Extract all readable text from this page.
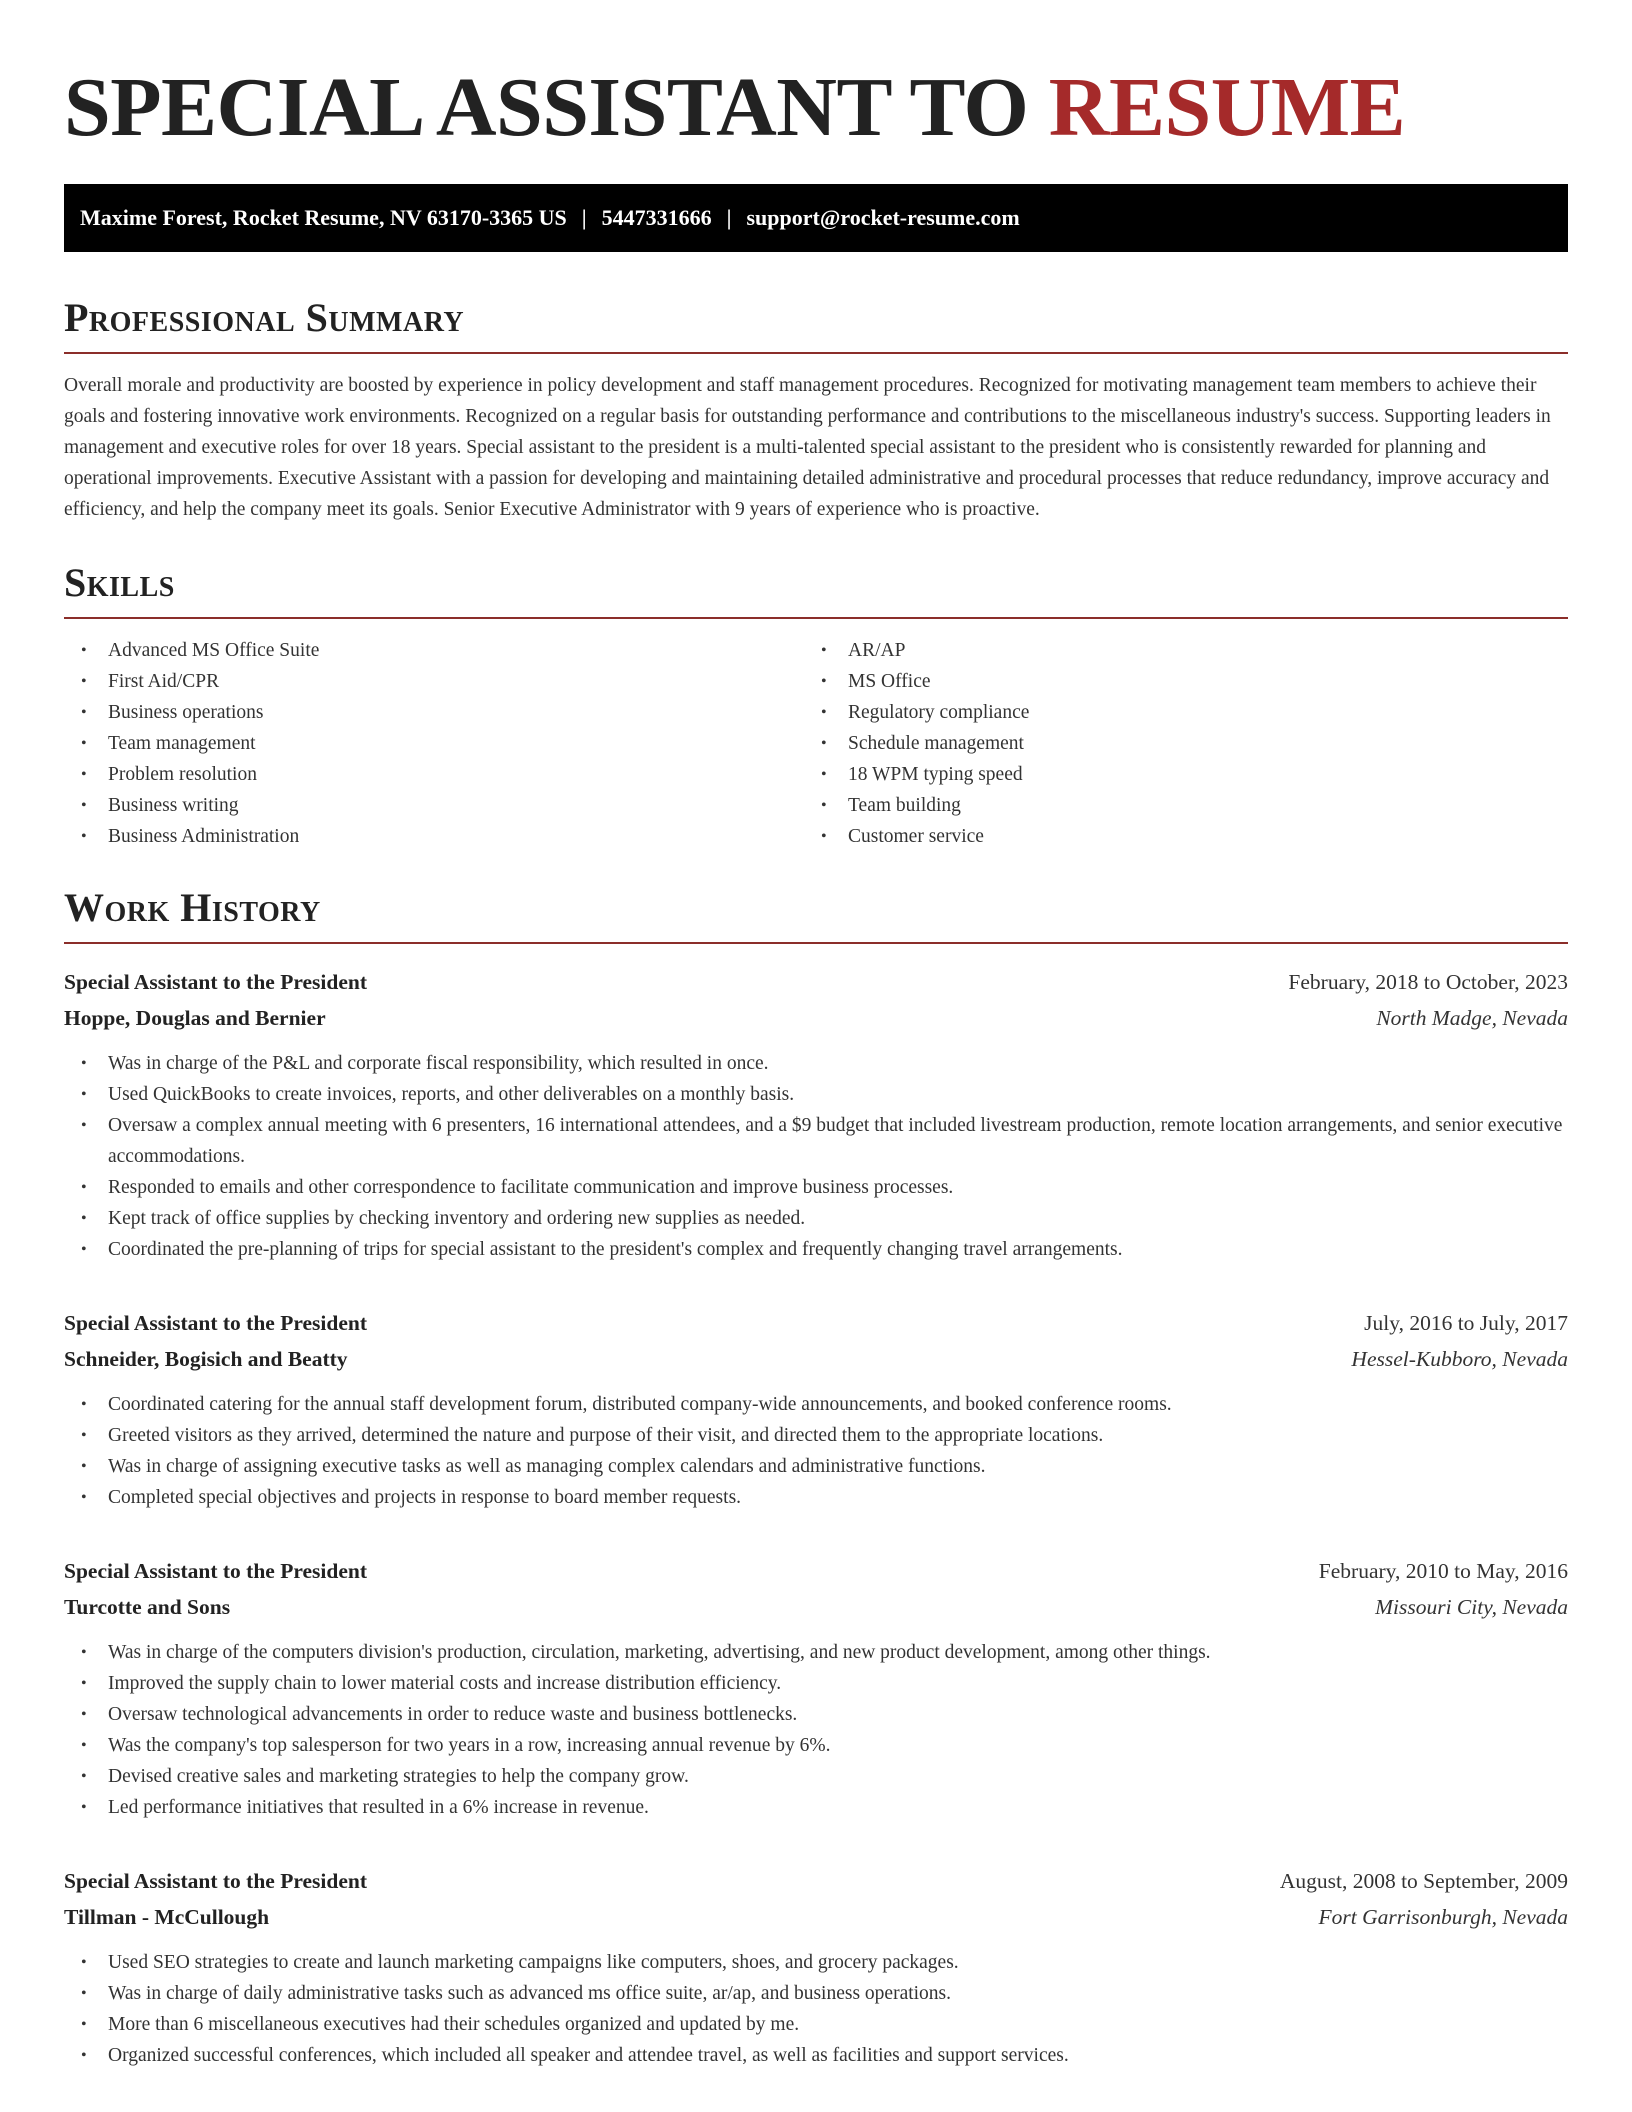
SPECIAL ASSISTANT TO RESUME
Maxime Forest, Rocket Resume, NV 63170-3365 US | 5447331666 | support@rocket-resume.com
Professional Summary

Overall morale and productivity are boosted by experience in policy development and staff management procedures. Recognized for motivating management team members to achieve their goals and fostering innovative work environments. Recognized on a regular basis for outstanding performance and contributions to the miscellaneous industry's success. Supporting leaders in management and executive roles for over 18 years. Special assistant to the president is a multi-talented special assistant to the president who is consistently rewarded for planning and operational improvements. Executive Assistant with a passion for developing and maintaining detailed administrative and procedural processes that reduce redundancy, improve accuracy and efficiency, and help the company meet its goals. Senior Executive Administrator with 9 years of experience who is proactive.

Skills
• Advanced MS Office Suite
• First Aid/CPR
• Business operations
• Team management
• Problem resolution
• Business writing
• Business Administration
• AR/AP
• MS Office
• Regulatory compliance
• Schedule management
• 18 WPM typing speed
• Team building
• Customer service
Work History
Special Assistant to the President	February, 2018 to October, 2023
Hoppe, Douglas and Bernier	North Madge, Nevada
• Was in charge of the P&L and corporate fiscal responsibility, which resulted in once.
• Used QuickBooks to create invoices, reports, and other deliverables on a monthly basis.
• Oversaw a complex annual meeting with 6 presenters, 16 international attendees, and a $9 budget that included livestream production, remote location arrangements, and senior executive accommodations.
• Responded to emails and other correspondence to facilitate communication and improve business processes.
• Kept track of office supplies by checking inventory and ordering new supplies as needed.
• Coordinated the pre-planning of trips for special assistant to the president's complex and frequently changing travel arrangements.
Special Assistant to the President	July, 2016 to July, 2017
Schneider, Bogisich and Beatty	Hessel-Kubboro, Nevada
• Coordinated catering for the annual staff development forum, distributed company-wide announcements, and booked conference rooms.
• Greeted visitors as they arrived, determined the nature and purpose of their visit, and directed them to the appropriate locations.
• Was in charge of assigning executive tasks as well as managing complex calendars and administrative functions.
• Completed special objectives and projects in response to board member requests.
Special Assistant to the President	February, 2010 to May, 2016
Turcotte and Sons	Missouri City, Nevada
• Was in charge of the computers division's production, circulation, marketing, advertising, and new product development, among other things.
• Improved the supply chain to lower material costs and increase distribution efficiency.
• Oversaw technological advancements in order to reduce waste and business bottlenecks.
• Was the company's top salesperson for two years in a row, increasing annual revenue by 6%.
• Devised creative sales and marketing strategies to help the company grow.
• Led performance initiatives that resulted in a 6% increase in revenue.
Special Assistant to the President	August, 2008 to September, 2009
Tillman - McCullough	Fort Garrisonburgh, Nevada
• Used SEO strategies to create and launch marketing campaigns like computers, shoes, and grocery packages.
• Was in charge of daily administrative tasks such as advanced ms office suite, ar/ap, and business operations.
• More than 6 miscellaneous executives had their schedules organized and updated by me.
• Organized successful conferences, which included all speaker and attendee travel, as well as facilities and support services.
